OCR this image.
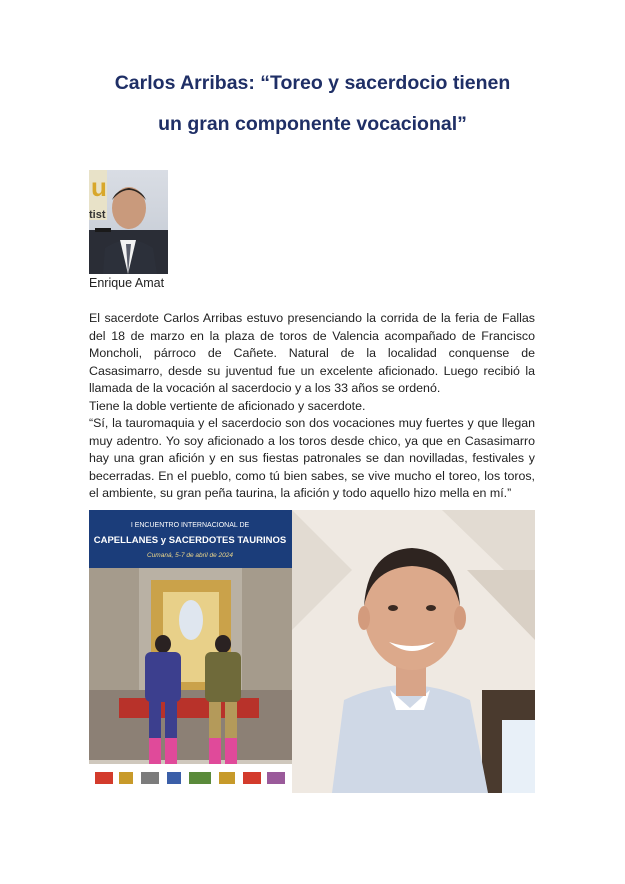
Carlos Arribas: “Toreo y sacerdocio tienen
un gran componente vocacional”
u
tist
Enrique Amat

El sacerdote Carlos Arribas estuvo presenciando la corrida de la feria de Fallas del 18 de marzo en la plaza de toros de Valencia acompañado de Francisco Moncholi, párroco de Cañete. Natural de la localidad conquense de Casasimarro, desde su juventud fue un excelente aficionado. Luego recibió la llamada de la vocación al sacerdocio y a los 33 años se ordenó.

Tiene la doble vertiente de aficionado y sacerdote.

“Sí, la tauromaquia y el sacerdocio son dos vocaciones muy fuertes y que llegan muy adentro. Yo soy aficionado a los toros desde chico, ya que en Casasimarro hay una gran afición y en sus fiestas patronales se dan novilladas, festivales y becerradas. En el pueblo, como tú bien sabes, se vive mucho el toreo, los toros, el ambiente, su gran peña taurina, la afición y todo aquello hizo mella en mí.”

I ENCUENTRO INTERNACIONAL DE
CAPELLANES y SACERDOTES TAURINOS
Cumaná, 5-7 de abril de 2024
